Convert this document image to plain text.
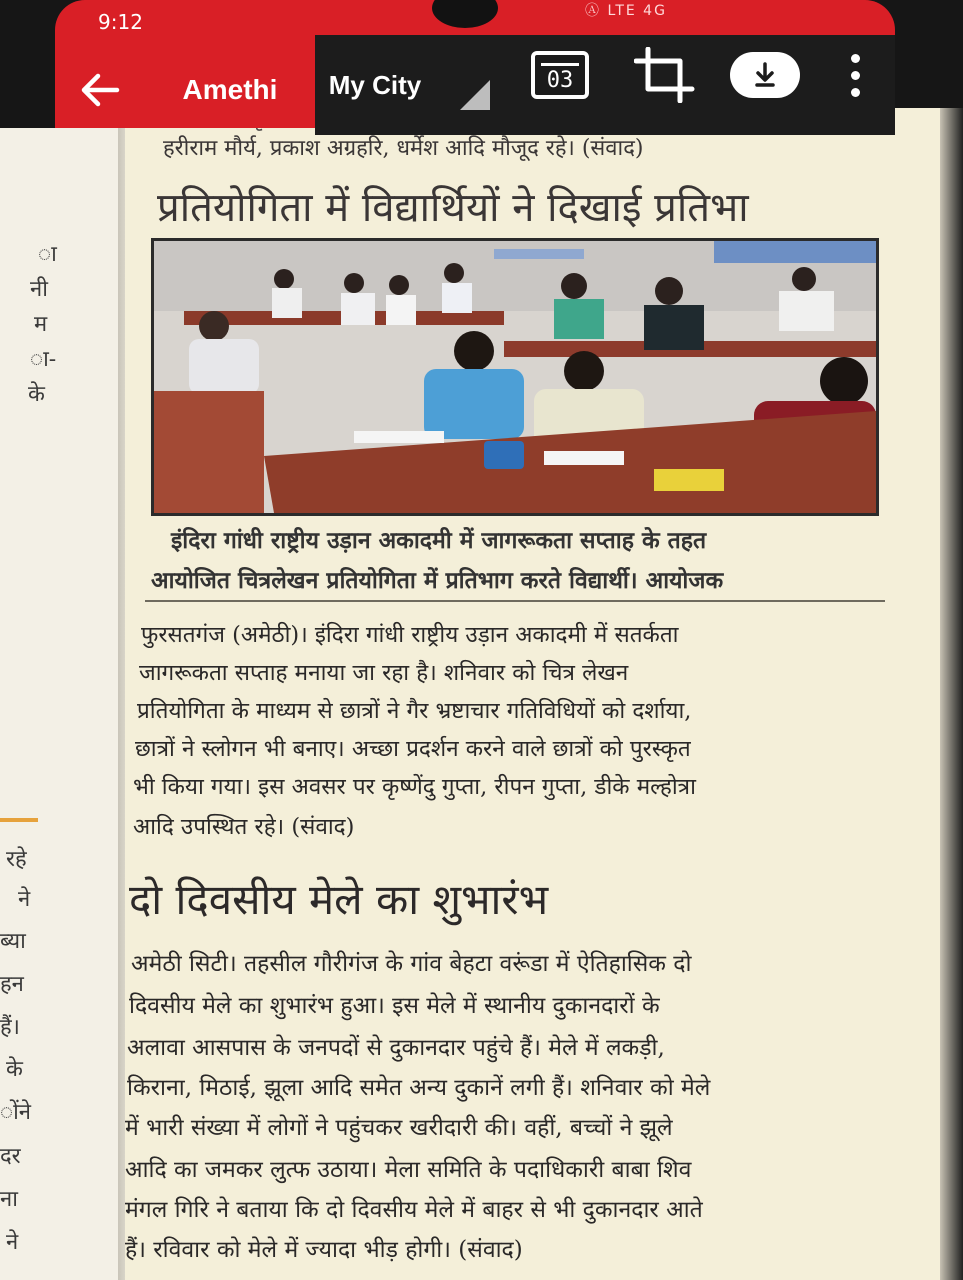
ा
नी
म
ा-
के
रहे
ने
ब्या
हन
हैं।
के
ोंने
दर
ना
ने
हरीराम मौर्य, प्रकाश अग्रहरि, धर्मेश आदि मौजूद रहे। (संवाद)
प्रतियोगिता में विद्यार्थियों ने दिखाई प्रतिभा
इंदिरा गांधी राष्ट्रीय उड़ान अकादमी में जागरूकता सप्ताह के तहत
आयोजित चित्रलेखन प्रतियोगिता में प्रतिभाग करते विद्यार्थी। आयोजक
फुरसतगंज (अमेठी)। इंदिरा गांधी राष्ट्रीय उड़ान अकादमी में सतर्कता
जागरूकता सप्ताह मनाया जा रहा है। शनिवार को चित्र लेखन
प्रतियोगिता के माध्यम से छात्रों ने गैर भ्रष्टाचार गतिविधियों को दर्शाया,
छात्रों ने स्लोगन भी बनाए। अच्छा प्रदर्शन करने वाले छात्रों को पुरस्कृत
भी किया गया। इस अवसर पर कृष्णेंदु गुप्ता, रीपन गुप्ता, डीके मल्होत्रा
आदि उपस्थित रहे। (संवाद)
दो दिवसीय मेले का शुभारंभ
अमेठी सिटी। तहसील गौरीगंज के गांव बेहटा वरूंडा में ऐतिहासिक दो
दिवसीय मेले का शुभारंभ हुआ। इस मेले में स्थानीय दुकानदारों के
अलावा आसपास के जनपदों से दुकानदार पहुंचे हैं। मेले में लकड़ी,
किराना, मिठाई, झूला आदि समेत अन्य दुकानें लगी हैं। शनिवार को मेले
में भारी संख्या में लोगों ने पहुंचकर खरीदारी की। वहीं, बच्चों ने झूले
आदि का जमकर लुत्फ उठाया। मेला समिति के पदाधिकारी बाबा शिव
मंगल गिरि ने बताया कि दो दिवसीय मेले में बाहर से भी दुकानदार आते
हैं। रविवार को मेले में ज्यादा भीड़ होगी। (संवाद)
9:12	Ⓐ LTE 4G
Amethi	My City	03
